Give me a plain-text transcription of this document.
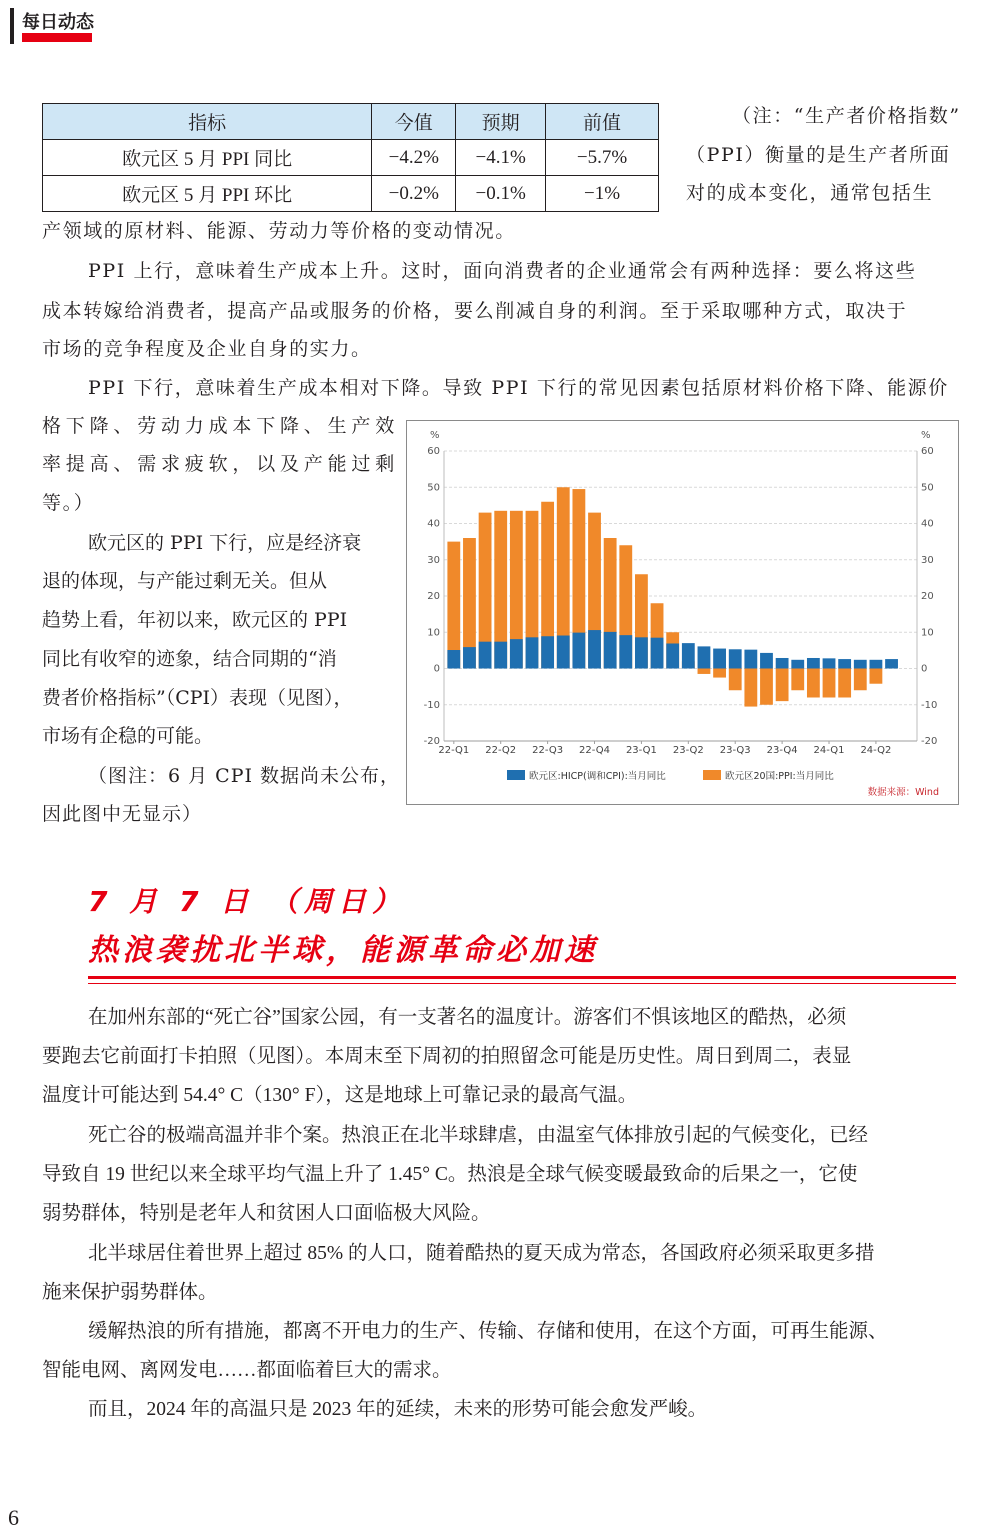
每日动态
指标	今值	预期	前值
欧元区 5 月 PPI 同比	−4.2%	−4.1%	−5.7%
欧元区 5 月 PPI 环比	−0.2%	−0.1%	−1%
（注：“生产者价格指数”
（PPI）衡量的是生产者所面
对的成本变化，通常包括生
产领域的原材料、能源、劳动力等价格的变动情况。
PPI 上行，意味着生产成本上升。这时，面向消费者的企业通常会有两种选择：要么将这些
成本转嫁给消费者，提高产品或服务的价格，要么削减自身的利润。至于采取哪种方式，取决于
市场的竞争程度及企业自身的实力。
PPI 下行，意味着生产成本相对下降。导致 PPI 下行的常见因素包括原材料价格下降、能源价
格下降、劳动力成本下降、生产效
率提高、需求疲软，以及产能过剩
等。）
欧元区的 PPI 下行，应是经济衰
退的体现，与产能过剩无关。但从
趋势上看，年初以来，欧元区的 PPI
同比有收窄的迹象，结合同期的“消
费者价格指标”（CPI）表现（见图），
市场有企稳的可能。
（图注：6 月 CPI 数据尚未公布，
因此图中无显示）
60	60
50	50
40	40
30	30
20	20
10	10
0	0
-10	-10
-20	-20
%	%
22-Q1 22-Q2 22-Q3 22-Q4 23-Q1 23-Q2 23-Q3 23-Q4 24-Q1 24-Q2
欧元区:HICP(调和CPI):当月同比	欧元区20国:PPI:当月同比
数据来源：Wind
7 月 7 日 （周日）
热浪袭扰北半球，能源革命必加速
在加州东部的“死亡谷”国家公园，有一支著名的温度计。游客们不惧该地区的酷热，必须
要跑去它前面打卡拍照（见图）。本周末至下周初的拍照留念可能是历史性。周日到周二，表显
温度计可能达到 54.4° C（130° F），这是地球上可靠记录的最高气温。
死亡谷的极端高温并非个案。热浪正在北半球肆虐，由温室气体排放引起的气候变化，已经
导致自 19 世纪以来全球平均气温上升了 1.45° C。热浪是全球气候变暖最致命的后果之一，它使
弱势群体，特别是老年人和贫困人口面临极大风险。
北半球居住着世界上超过 85% 的人口，随着酷热的夏天成为常态，各国政府必须采取更多措
施来保护弱势群体。
缓解热浪的所有措施，都离不开电力的生产、传输、存储和使用，在这个方面，可再生能源、
智能电网、离网发电……都面临着巨大的需求。
而且，2024 年的高温只是 2023 年的延续，未来的形势可能会愈发严峻。
6
